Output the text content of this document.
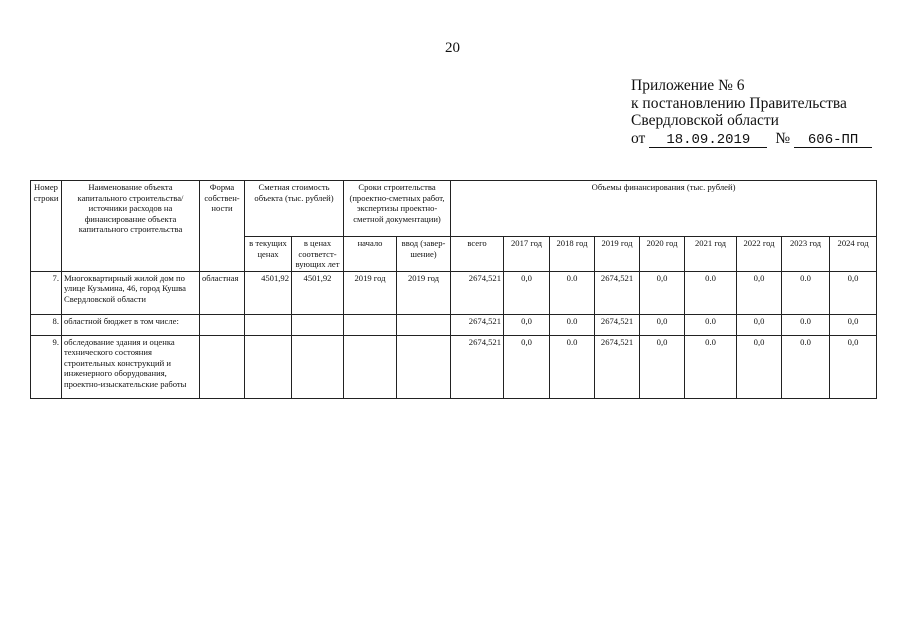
20
Приложение № 6
к постановлению Правительства
Свердловской области
от	18.09.2019	№	606-ПП
Номер строки	Наименование объекта капитального строительства/ источники расходов на финансирование объекта капитального строительства	Форма собствен-ности	Сметная стоимость объекта (тыс. рублей)		Сроки строительства (проектно-сметных работ, экспертизы проектно-сметной документации)		Объемы финансирования (тыс. рублей)								
			в текущих ценах	в ценах соответст-вующих лет	начало	ввод (завер-шение)	всего	2017 год	2018 год	2019 год	2020 год	2021 год	2022 год	2023 год	2024 год
7.	Многоквартирный жилой дом по улице Кузьмина, 46, город Кушва Свердловской области	областная	4501,92	4501,92	2019 год	2019 год	2674,521	0,0	0.0	2674,521	0,0	0.0	0,0	0.0	0,0
8.	областной бюджет в том числе:						2674,521	0,0	0.0	2674,521	0,0	0.0	0,0	0.0	0,0
9.	обследование здания и оценка технического состояния строительных конструкций и инженерного оборудования, проектно-изыскательские работы						2674,521	0,0	0.0	2674,521	0,0	0.0	0,0	0.0	0,0
